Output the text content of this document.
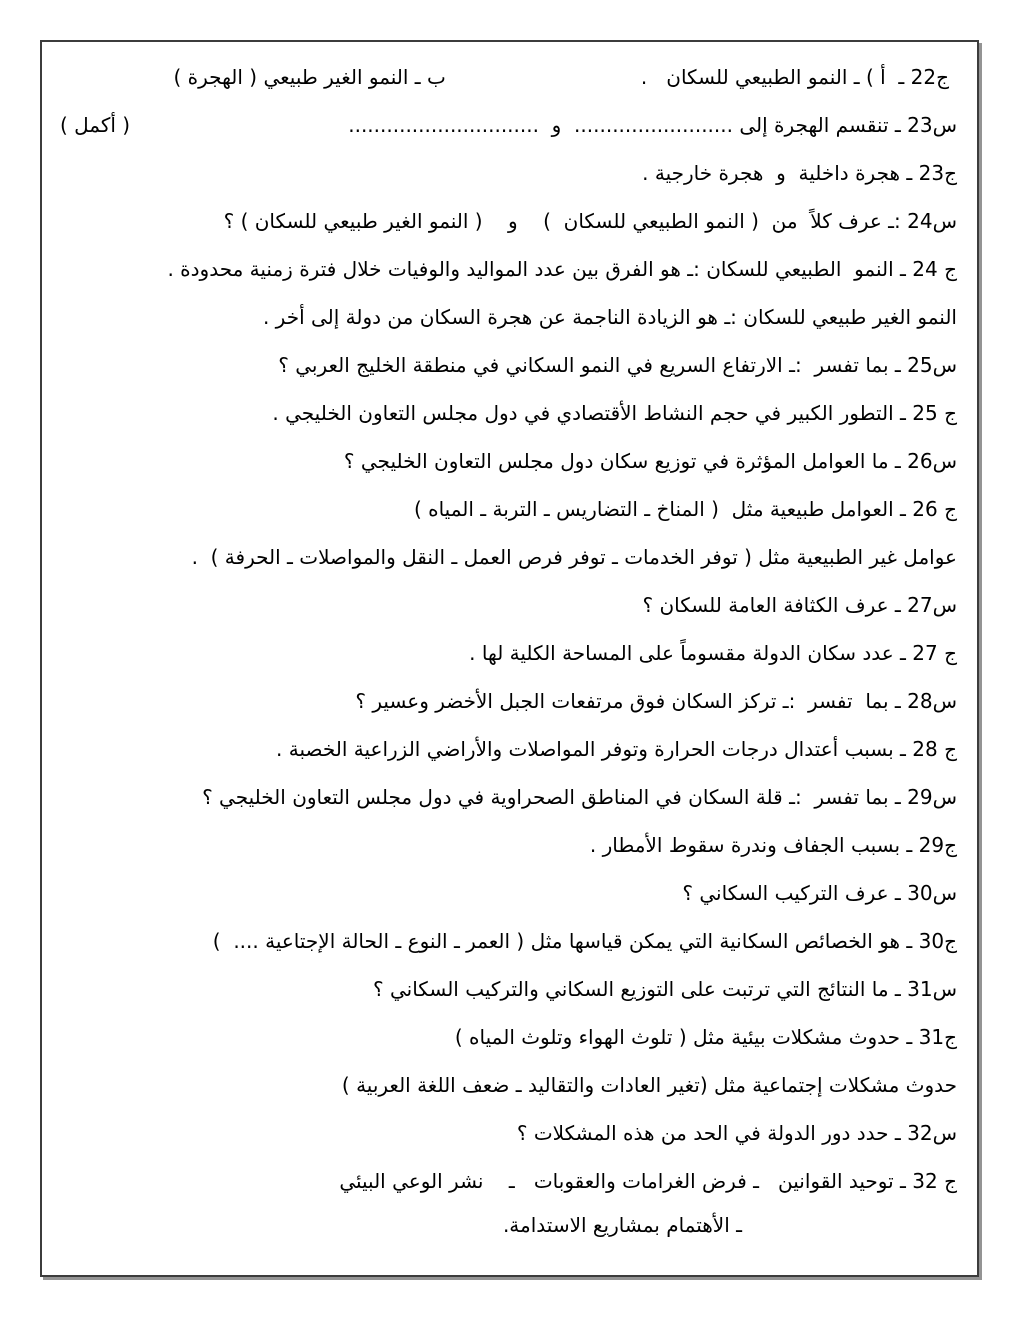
ج22 ـ  أ ) ـ النمو الطبيعي للسكان   .
ب ـ النمو الغير طبيعي ( الهجرة )
س23 ـ تنقسم الهجرة إلى .........................  و  ..............................
( أكمل )
ج23 ـ هجرة داخلية  و  هجرة خارجية .
س24 :ـ عرف كلاً  من  ( النمو الطبيعي للسكان  )    و    ( النمو الغير طبيعي للسكان ) ؟
ج 24 ـ النمو  الطبيعي للسكان :ـ هو الفرق بين عدد المواليد والوفيات خلال فترة زمنية محدودة .
النمو الغير طبيعي للسكان :ـ هو الزيادة الناجمة عن هجرة السكان من دولة إلى أخر .
س25 ـ بما تفسر  :ـ الارتفاع السريع في النمو السكاني في منطقة الخليج العربي ؟
ج 25 ـ التطور الكبير في حجم النشاط الأقتصادي في دول مجلس التعاون الخليجي .
س26 ـ ما العوامل المؤثرة في توزيع سكان دول مجلس التعاون الخليجي ؟
ج 26 ـ العوامل طبيعية مثل  ( المناخ ـ التضاريس ـ التربة ـ المياه )
عوامل غير الطبيعية مثل ( توفر الخدمات ـ توفر فرص العمل ـ النقل والمواصلات ـ الحرفة )  .
س27 ـ عرف الكثافة العامة للسكان ؟
ج 27 ـ عدد سكان الدولة مقسوماً على المساحة الكلية لها .
س28 ـ بما  تفسر  :ـ تركز السكان فوق مرتفعات الجبل الأخضر وعسير ؟
ج 28 ـ بسبب أعتدال درجات الحرارة وتوفر المواصلات والأراضي الزراعية الخصبة .
س29 ـ بما تفسر  :ـ قلة السكان في المناطق الصحراوية في دول مجلس التعاون الخليجي ؟
ج29 ـ بسبب الجفاف وندرة سقوط الأمطار .
س30 ـ عرف التركيب السكاني ؟
ج30 ـ هو الخصائص السكانية التي يمكن قياسها مثل ( العمر ـ النوع ـ الحالة الإجتاعية ....  )
س31 ـ ما النتائج التي ترتبت على التوزيع السكاني والتركيب السكاني ؟
ج31 ـ حدوث مشكلات بيئية مثل ( تلوث الهواء وتلوث المياه )
حدوث مشكلات إجتماعية مثل (تغير العادات والتقاليد ـ ضعف اللغة العربية )
س32 ـ حدد دور الدولة في الحد من هذه المشكلات ؟
ج 32 ـ توحيد القوانين   ـ فرض الغرامات والعقوبات   ـ    نشر الوعي البيئي
ـ الأهتمام بمشاريع الاستدامة.
